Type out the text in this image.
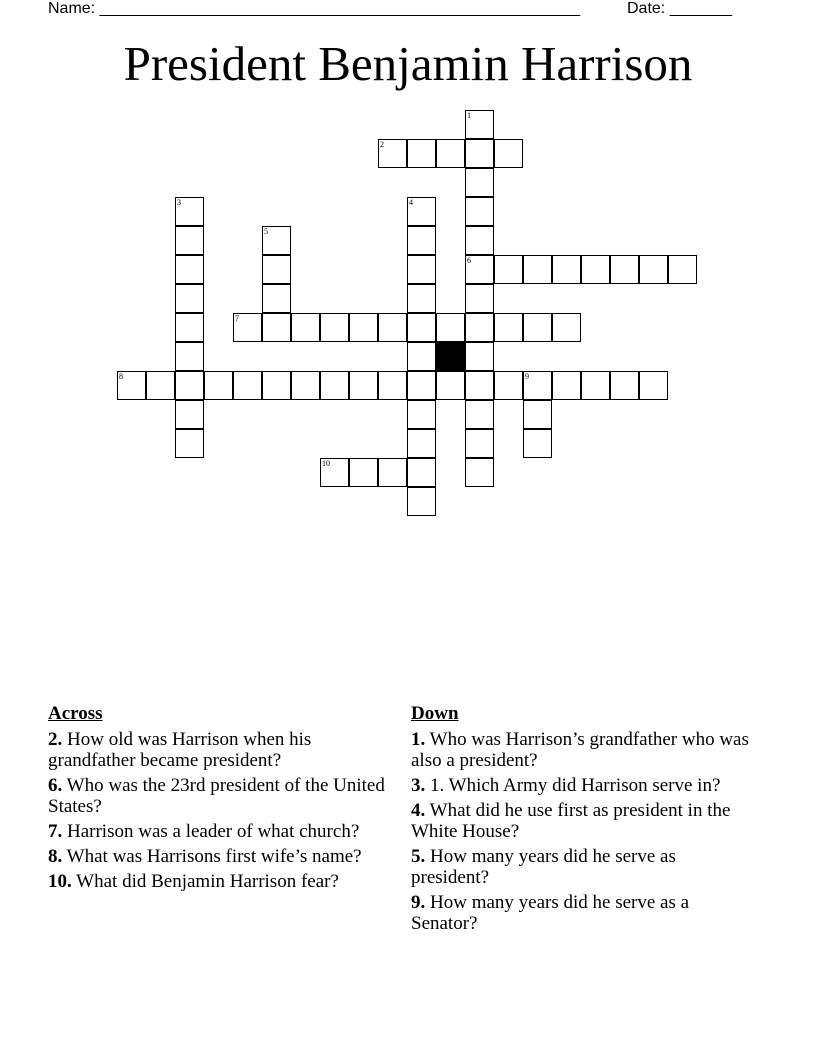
Name: ______________________________________________________	Date: _______
President Benjamin Harrison
1
6
2
3	4
5
7
8	9
10
Across
2. How old was Harrison when his grandfather became president?
6. Who was the 23rd president of the United States?
7. Harrison was a leader of what church?
8. What was Harrisons first wife’s name?
10. What did Benjamin Harrison fear?
Down
1. Who was Harrison’s grandfather who was also a president?
3. 1. Which Army did Harrison serve in?
4. What did he use first as president in the White House?
5. How many years did he serve as president?
9. How many years did he serve as a Senator?
